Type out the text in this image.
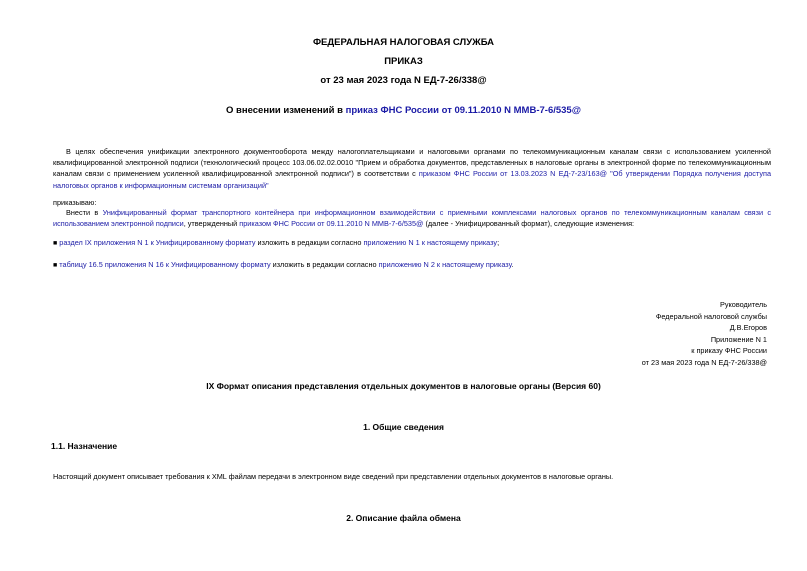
ФЕДЕРАЛЬНАЯ НАЛОГОВАЯ СЛУЖБА
ПРИКАЗ
от 23 мая 2023 года N ЕД-7-26/338@
О внесении изменений в приказ ФНС России от 09.11.2010 N ММВ-7-6/535@
В целях обеспечения унификации электронного документооборота между налогоплательщиками и налоговыми органами по телекоммуникационным каналам связи с использованием усиленной квалифицированной электронной подписи (технологический процесс 103.06.02.02.0010 "Прием и обработка документов, представленных в налоговые органы в электронной форме по телекоммуникационным каналам связи с применением усиленной квалифицированной электронной подписи") в соответствии с приказом ФНС России от 13.03.2023 N ЕД-7-23/163@ "Об утверждении Порядка получения доступа налоговых органов к информационным системам организаций"
приказываю:
Внести в Унифицированный формат транспортного контейнера при информационном взаимодействии с приемными комплексами налоговых органов по телекоммуникационным каналам связи с использованием электронной подписи, утвержденный приказом ФНС России от 09.11.2010 N ММВ-7-6/535@ (далее - Унифицированный формат), следующие изменения:
■ раздел IX приложения N 1 к Унифицированному формату изложить в редакции согласно приложению N 1 к настоящему приказу;
■ таблицу 16.5 приложения N 16 к Унифицированному формату изложить в редакции согласно приложению N 2 к настоящему приказу.
Руководитель
Федеральной налоговой службы
Д.В.Егоров
Приложение N 1
к приказу ФНС России
от 23 мая 2023 года N ЕД-7-26/338@
IX Формат описания представления отдельных документов в налоговые органы (Версия 60)
1. Общие сведения
1.1. Назначение
Настоящий документ описывает требования к XML файлам передачи в электронном виде сведений при представлении отдельных документов в налоговые органы.
2. Описание файла обмена
